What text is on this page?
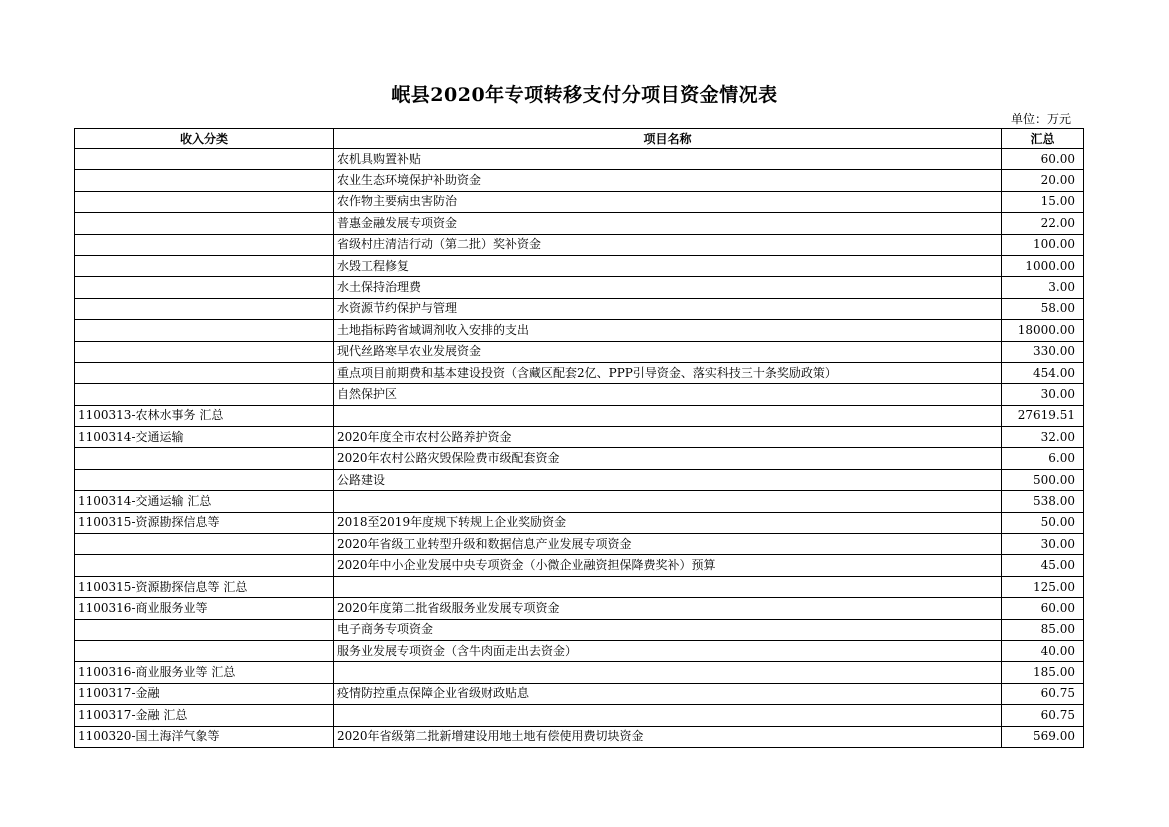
岷县2020年专项转移支付分项目资金情况表
单位：万元
收入分类	项目名称	汇总
	农机具购置补贴	60.00
	农业生态环境保护补助资金	20.00
	农作物主要病虫害防治	15.00
	普惠金融发展专项资金	22.00
	省级村庄清洁行动（第二批）奖补资金	100.00
	水毁工程修复	1000.00
	水土保持治理费	3.00
	水资源节约保护与管理	58.00
	土地指标跨省域调剂收入安排的支出	18000.00
	现代丝路寒旱农业发展资金	330.00
	重点项目前期费和基本建设投资（含藏区配套2亿、PPP引导资金、落实科技三十条奖励政策）	454.00
	自然保护区	30.00
1100313-农林水事务 汇总		27619.51
1100314-交通运输	2020年度全市农村公路养护资金	32.00
	2020年农村公路灾毁保险费市级配套资金	6.00
	公路建设	500.00
1100314-交通运输 汇总		538.00
1100315-资源勘探信息等	2018至2019年度规下转规上企业奖励资金	50.00
	2020年省级工业转型升级和数据信息产业发展专项资金	30.00
	2020年中小企业发展中央专项资金（小微企业融资担保降费奖补）预算	45.00
1100315-资源勘探信息等 汇总		125.00
1100316-商业服务业等	2020年度第二批省级服务业发展专项资金	60.00
	电子商务专项资金	85.00
	服务业发展专项资金（含牛肉面走出去资金）	40.00
1100316-商业服务业等 汇总		185.00
1100317-金融	疫情防控重点保障企业省级财政贴息	60.75
1100317-金融 汇总		60.75
1100320-国土海洋气象等	2020年省级第二批新增建设用地土地有偿使用费切块资金	569.00
